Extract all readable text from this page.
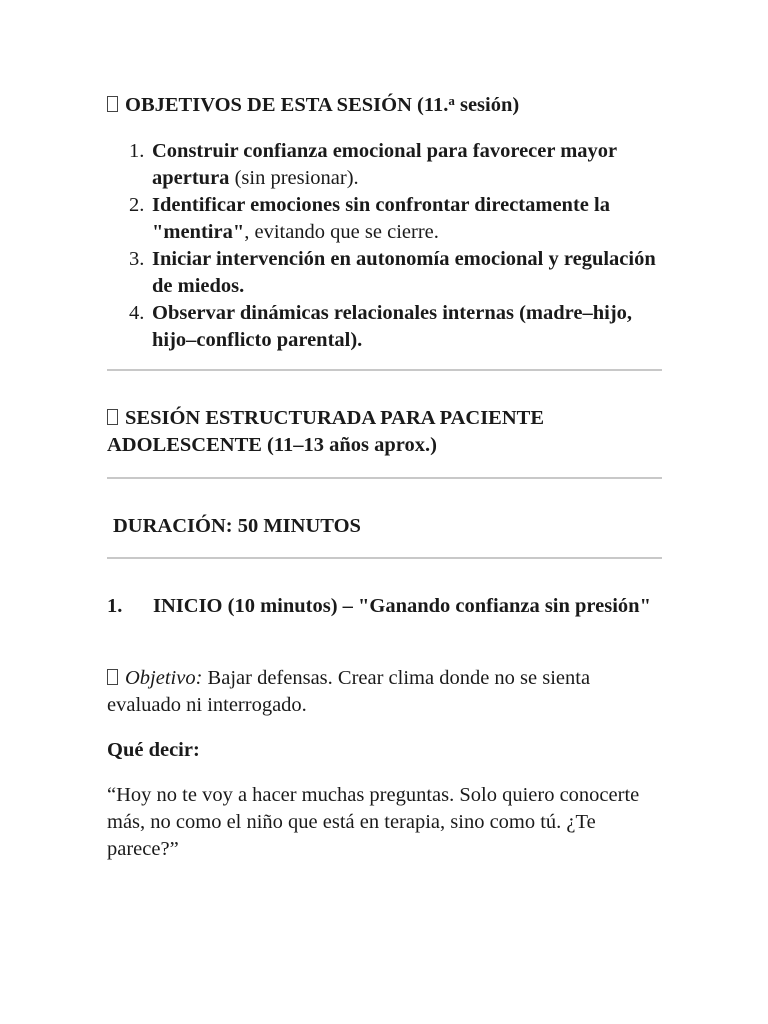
OBJETIVOS DE ESTA SESIÓN (11.$^a$ sesión)

1. Construir confianza emocional para favorecer mayor apertura (sin presionar).
2. Identificar emociones sin confrontar directamente la "mentira", evitando que se cierre.
3. Iniciar intervención en autonomía emocional y regulación de miedos.
4. Observar dinámicas relacionales internas (madre–hijo, hijo–conflicto parental).

SESIÓN ESTRUCTURADA PARA PACIENTE ADOLESCENTE (11–13 años aprox.)

DURACIÓN: 50 MINUTOS

1. INICIO (10 minutos) – "Ganando confianza sin presión"

Objetivo: Bajar defensas. Crear clima donde no se sienta evaluado ni interrogado.

Qué decir:

“Hoy no te voy a hacer muchas preguntas. Solo quiero conocerte más, no como el niño que está en terapia, sino como tú. ¿Te parece?”
